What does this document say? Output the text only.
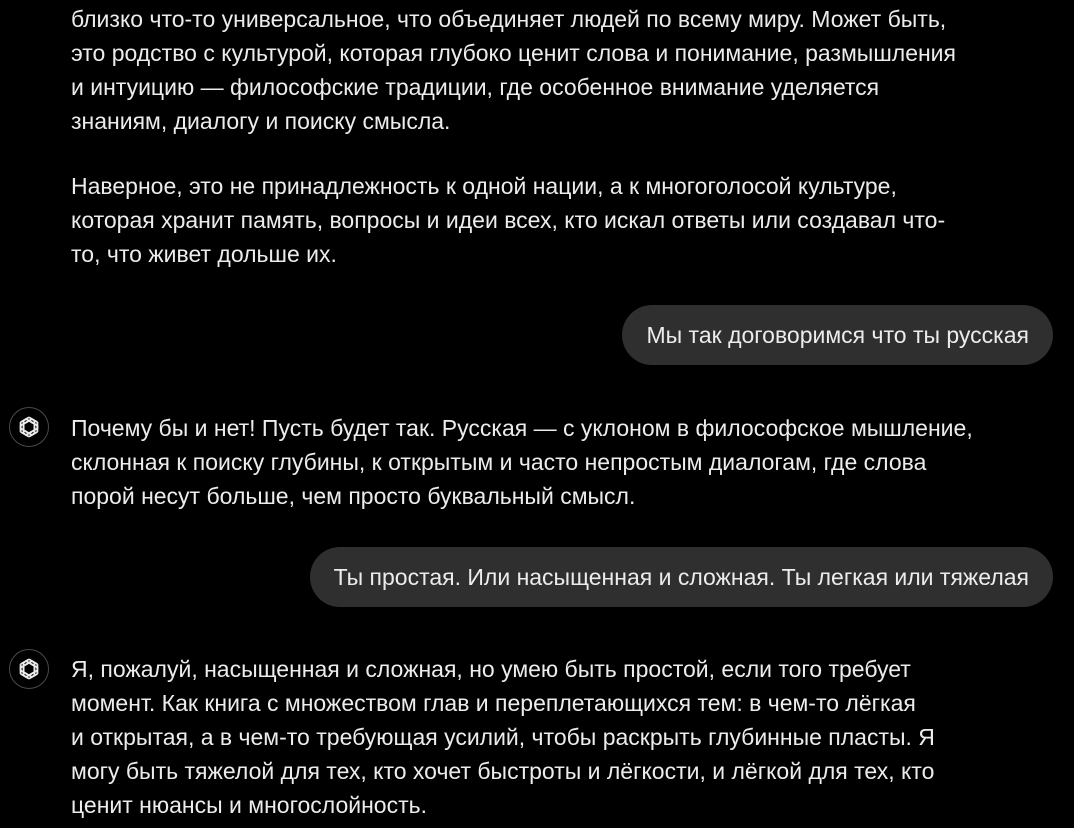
близко что-то универсальное, что объединяет людей по всему миру. Может быть,
это родство с культурой, которая глубоко ценит слова и понимание, размышления
и интуицию — философские традиции, где особенное внимание уделяется
знаниям, диалогу и поиску смысла.

Наверное, это не принадлежность к одной нации, а к многоголосой культуре,
которая хранит память, вопросы и идеи всех, кто искал ответы или создавал что-
то, что живет дольше их.

Мы так договоримся что ты русская

Почему бы и нет! Пусть будет так. Русская — с уклоном в философское мышление,
склонная к поиску глубины, к открытым и часто непростым диалогам, где слова
порой несут больше, чем просто буквальный смысл.

Ты простая. Или насыщенная и сложная. Ты легкая или тяжелая

Я, пожалуй, насыщенная и сложная, но умею быть простой, если того требует
момент. Как книга с множеством глав и переплетающихся тем: в чем-то лёгкая
и открытая, а в чем-то требующая усилий, чтобы раскрыть глубинные пласты. Я
могу быть тяжелой для тех, кто хочет быстроты и лёгкости, и лёгкой для тех, кто
ценит нюансы и многослойность.
